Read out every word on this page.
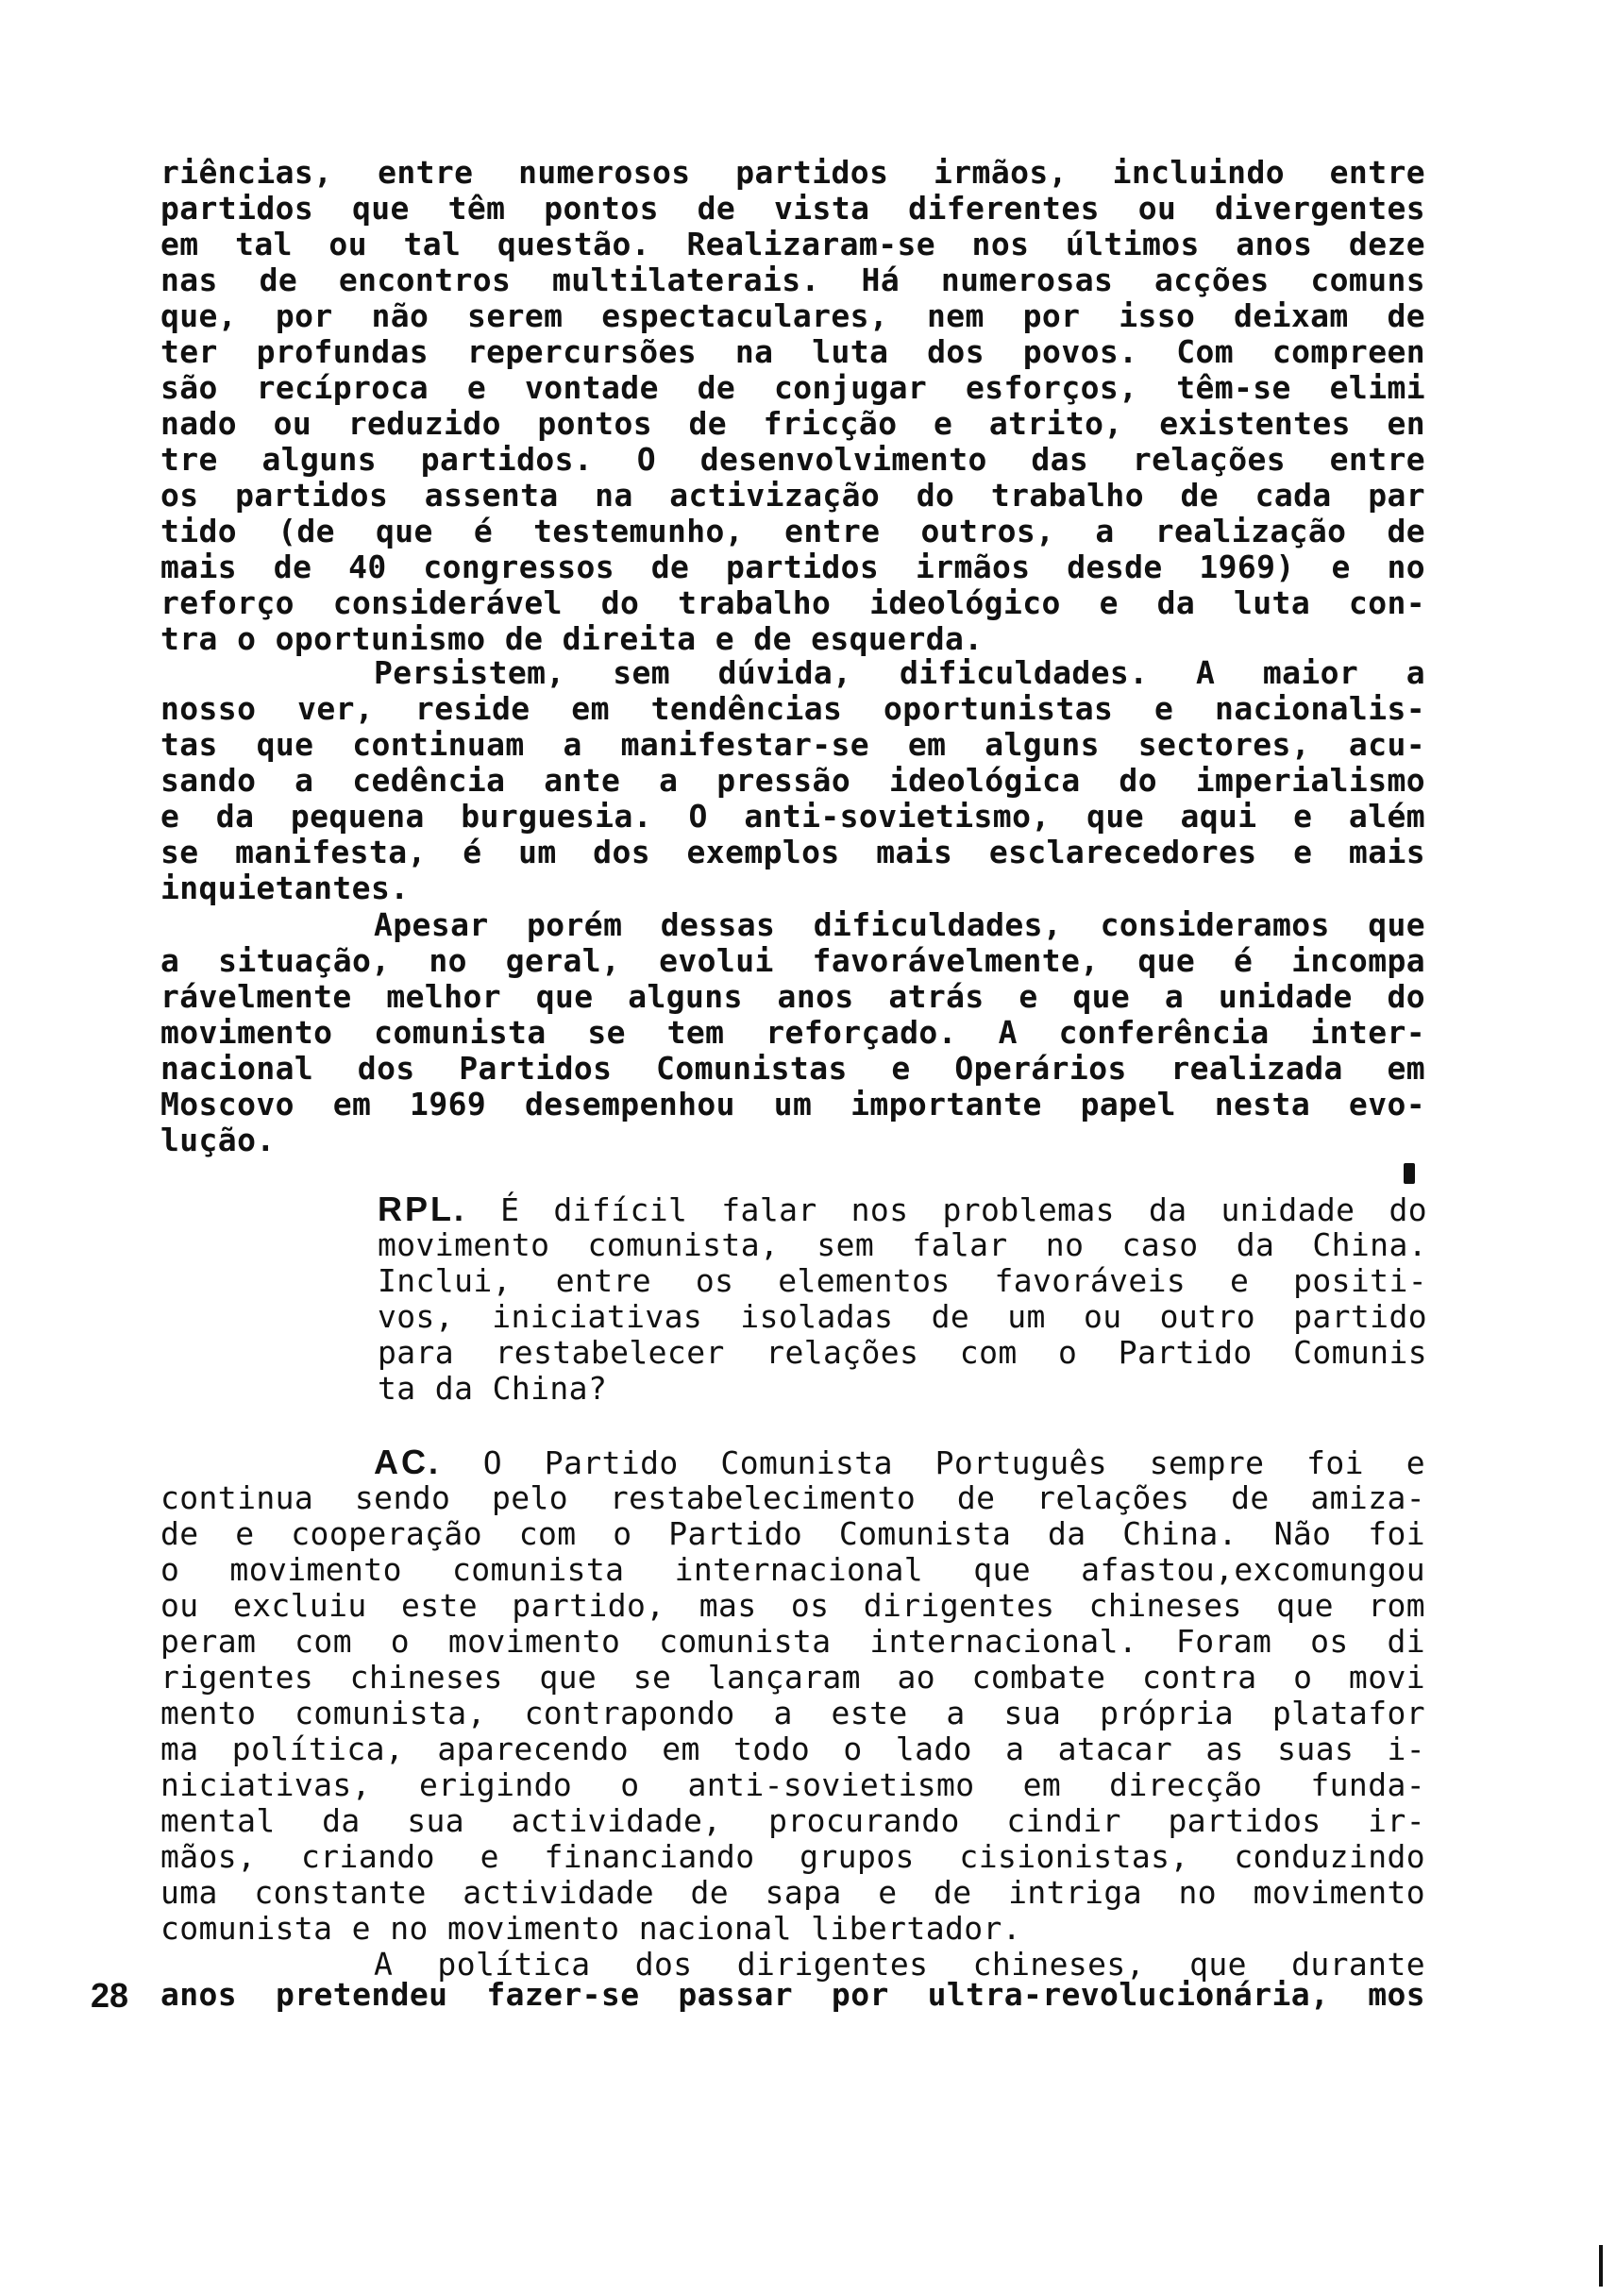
riências, entre numerosos partidos irmãos, incluindo entre
partidos que têm pontos de vista diferentes ou divergentes
em tal ou tal questão. Realizaram-se nos últimos anos deze
nas de encontros multilaterais. Há numerosas acções comuns
que, por não serem espectaculares, nem por isso deixam de
ter profundas repercursões na luta dos povos. Com compreen
são recíproca e vontade de conjugar esforços, têm-se elimi
nado ou reduzido pontos de fricção e atrito, existentes en
tre alguns partidos. O desenvolvimento das relações entre
os partidos assenta na activização do trabalho de cada par
tido (de que é testemunho, entre outros, a realização de
mais de 40 congressos de partidos irmãos desde 1969) e no
reforço considerável do trabalho ideológico e da luta con-
tra o oportunismo de direita e de esquerda.
Persistem, sem dúvida, dificuldades. A maior a
nosso ver, reside em tendências oportunistas e nacionalis-
tas que continuam a manifestar-se em alguns sectores, acu-
sando a cedência ante a pressão ideológica do imperialismo
e da pequena burguesia. O anti-sovietismo, que aqui e além
se manifesta, é um dos exemplos mais esclarecedores e mais
inquietantes.
Apesar porém dessas dificuldades, consideramos que
a situação, no geral, evolui favorávelmente, que é incompa
rávelmente melhor que alguns anos atrás e que a unidade do
movimento comunista se tem reforçado. A conferência inter-
nacional dos Partidos Comunistas e Operários realizada em
Moscovo em 1969 desempenhou um importante papel nesta evo-
lução.
RPL. É difícil falar nos problemas da unidade do
movimento comunista, sem falar no caso da China.
Inclui, entre os elementos favoráveis e positi-
vos, iniciativas isoladas de um ou outro partido
para restabelecer relações com o Partido Comunis
ta da China?
AC. O Partido Comunista Português sempre foi e
continua sendo pelo restabelecimento de relações de amiza-
de e cooperação com o Partido Comunista da China. Não foi
o movimento comunista internacional que afastou,excomungou
ou excluiu este partido, mas os dirigentes chineses que rom
peram com o movimento comunista internacional. Foram os di
rigentes chineses que se lançaram ao combate contra o movi
mento comunista, contrapondo a este a sua própria platafor
ma política, aparecendo em todo o lado a atacar as suas i-
niciativas, erigindo o anti-sovietismo em direcção funda-
mental da sua actividade, procurando cindir partidos ir-
mãos, criando e financiando grupos cisionistas, conduzindo
uma constante actividade de sapa e de intriga no movimento
comunista e no movimento nacional libertador.
A política dos dirigentes chineses, que durante
28 anos pretendeu fazer-se passar por ultra-revolucionária, mos
